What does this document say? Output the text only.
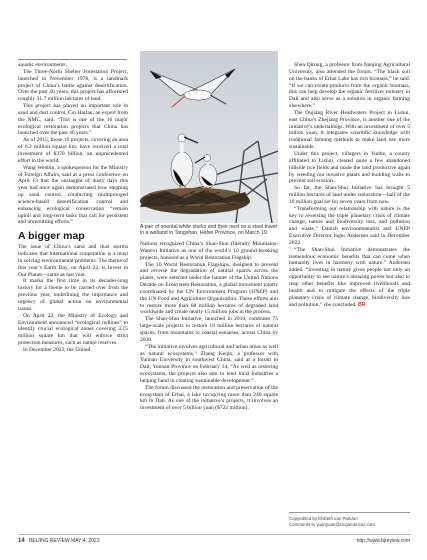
aquatic environments.

The Three-North Shelter Forestation Project, launched in November 1978, is a landmark project of China’s battle against desertification. Over the past 40 years, this project has afforested roughly 31.7 million hectares of land.

This project has played an important role in sand and dust control, Cui Haifan, an expert from the NMC, said. “This is one of the 16 major ecological restoration projects that China has launched over the past 40 years.”

As of 2015, those 16 projects, covering an area of 6.2 million square km, have received a total investment of $370 billion, an unprecedented effort in the world.

Wang Wenbin, a spokesperson for the Ministry of Foreign Affairs, said at a press conference on April 13 that the onslaught of dusty days this year had once again demonstrated how stepping up sand control, conducting multipronged science-based desertification control and enhancing ecological conservation “remain uphill and long-term tasks that call for persistent and unremitting efforts.”

A bigger map

The issue of China’s sand and dust storms indicates that international cooperation is a must in solving environmental problems. The theme of this year’s Earth Day, on April 22, is Invest in Our Planet—same as last year.

It marks the first time in its decades-long history for a theme to be carried over from the previous year, underlining the importance and urgency of global action on environmental issues.

On April 22, the Ministry of Ecology and Environment announced “ecological redlines” to identify crucial ecological zones covering 3.15 million square km that will enforce strict protection measures, such as nature reserves.

In December 2022, the United

A pair of oriental white storks and their nest on a steel tower in a wetland in Tangshan, Hebei Province, on March 19

Nations recognized China’s Shan-Shui (literally Mountains-Waters) Initiative as one of the world’s 10 ground-breaking projects, honored as a World Restoration Flagship.

The 10 World Restoration Flagships, designed to prevent and reverse the degradation of natural spaces across the planet, were selected under the banner of the United Nations Decade on Ecosystem Restoration, a global movement jointly coordinated by the UN Environment Program (UNEP) and the UN Food and Agriculture Organization. These efforts aim to restore more than 68 million hectares of degraded land worldwide and create nearly 15 million jobs in the process.

The Shan-Shui Initiative, launched in 2016, combines 75 large-scale projects to restore 10 million hectares of natural spaces, from mountains to coastal estuaries, across China by 2030.

“The initiative involves agricultural and urban areas as well as natural ecosystems,” Zhang Keqin, a professor with Yunnan University in southwest China, said at a forum in Dali, Yunnan Province on February 14. “As well as restoring ecosystems, the projects also aim to lend local industries a helping hand in creating sustainable development.”

The forum discussed the restoration and preservation of the ecosystem of Erhai, a lake occupying more than 240 square km in Dali. As one of the initiative’s projects, it involves an investment of over 5 billion yuan ($722 million).

Shen Qirong, a professor from Nanjing Agricultural University, also attended the forum. “The black soil on the banks of Erhai Lake has rich biomass,” he said. “If we can create products from the organic biomass, this can help develop the organic fertilizer industry in Dali and also serve as a solution in organic farming elsewhere.”

The Oujiang River Headwaters Project in Lishui, east China’s Zhejiang Province, is another one of the initiative’s undertakings. With an investment of over 5 billion yuan, it integrates scientific knowledge with traditional farming methods to make land use more sustainable.

Under this project, villagers in Yunhe, a county affiliated to Lishui, cleared quite a few abandoned hillside rice fields and made the land productive again by weeding out invasive plants and building walls to prevent soil erosion.

So far, the Shan-Shui Initiative has brought 5 million hectares of land under restoration—half of the 10 million goal set for seven years from now.

“Transforming our relationship with nature is the key to reversing the triple planetary crisis of climate change, nature and biodiversity loss, and pollution and waste,” Danish environmentalist and UNEP Executive Director Inger Andersen said in December 2022.

“The Shan-Shui Initiative demonstrates the tremendous economic benefits that can come when humanity lives in harmony with nature.” Andersen added. “Investing in nature gives people not only an opportunity to see nature’s amazing power but also to reap other benefits like improved livelihoods and health and to mitigate the effects of the triple planetary crisis of climate change, biodiversity loss and pollution,” she concluded. BR

Copyedited by Elsbeth van Paridon
Comments to yuanyuan@cicgamericas.com
14 BEIJING REVIEW MAY 4, 2023	http://www.bjreview.com
